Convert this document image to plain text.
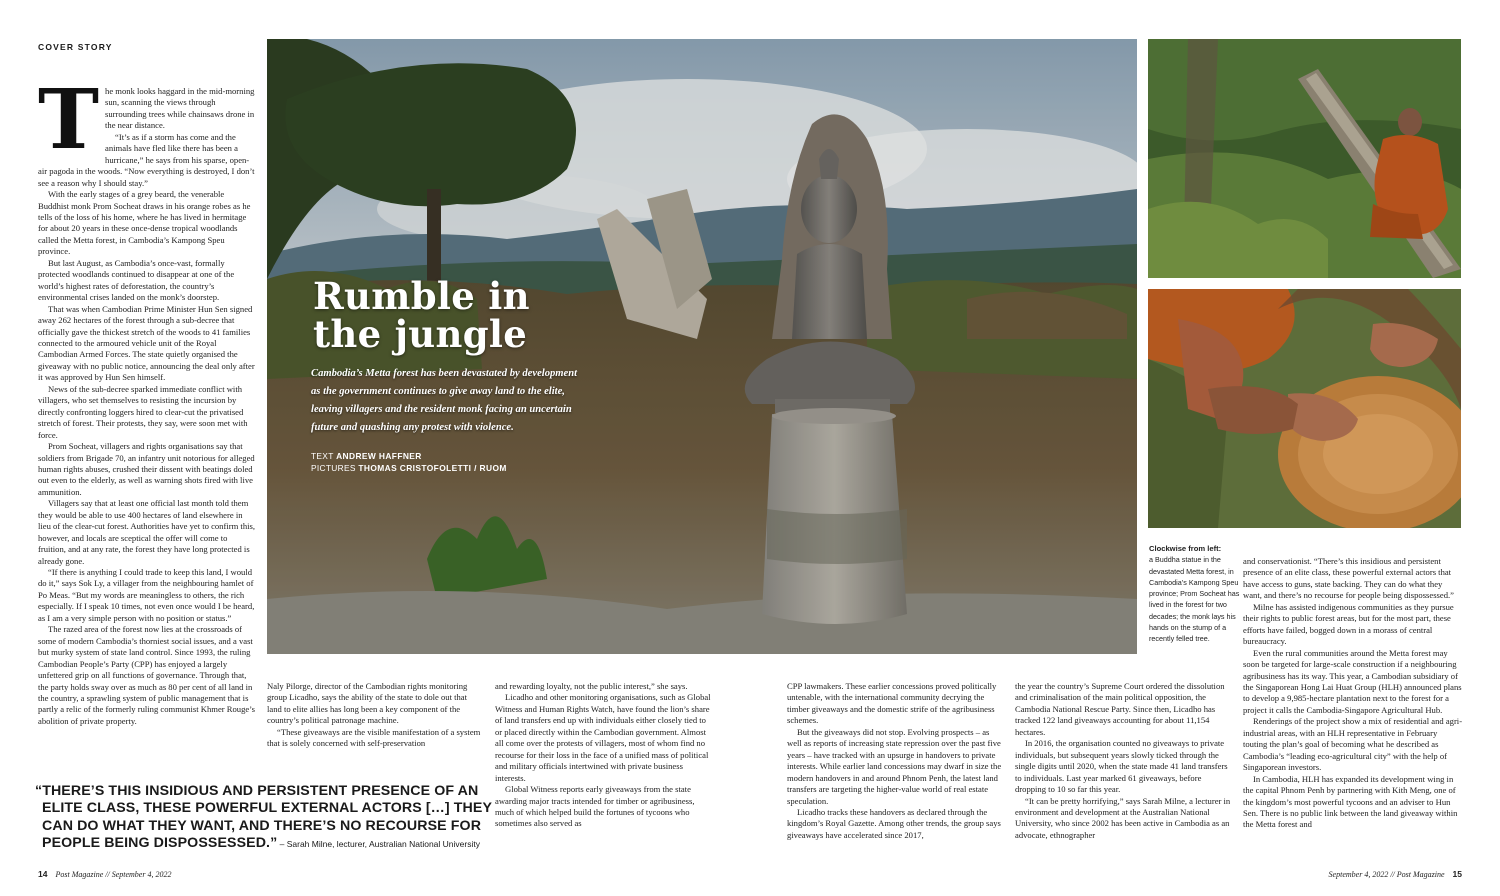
COVER STORY
T he monk looks haggard in the mid-morning sun, scanning the views through surrounding trees while chainsaws drone in the near distance.

“It’s as if a storm has come and the animals have fled like there has been a hurricane,” he says from his sparse, open-air pagoda in the woods. “Now everything is destroyed, I don’t see a reason why I should stay.”

With the early stages of a grey beard, the venerable Buddhist monk Prom Socheat draws in his orange robes as he tells of the loss of his home, where he has lived in hermitage for about 20 years in these once-dense tropical woodlands called the Metta forest, in Cambodia’s Kampong Speu province.

But last August, as Cambodia’s once-vast, formally protected woodlands continued to disappear at one of the world’s highest rates of deforestation, the country’s environmental crises landed on the monk’s doorstep.

That was when Cambodian Prime Minister Hun Sen signed away 262 hectares of the forest through a sub-decree that officially gave the thickest stretch of the woods to 41 families connected to the armoured vehicle unit of the Royal Cambodian Armed Forces. The state quietly organised the giveaway with no public notice, announcing the deal only after it was approved by Hun Sen himself.

News of the sub-decree sparked immediate conflict with villagers, who set themselves to resisting the incursion by directly confronting loggers hired to clear-cut the privatised stretch of forest. Their protests, they say, were soon met with force.

Prom Socheat, villagers and rights organisations say that soldiers from Brigade 70, an infantry unit notorious for alleged human rights abuses, crushed their dissent with beatings doled out even to the elderly, as well as warning shots fired with live ammunition.

Villagers say that at least one official last month told them they would be able to use 400 hectares of land elsewhere in lieu of the clear-cut forest. Authorities have yet to confirm this, however, and locals are sceptical the offer will come to fruition, and at any rate, the forest they have long protected is already gone.

“If there is anything I could trade to keep this land, I would do it,” says Sok Ly, a villager from the neighbouring hamlet of Po Meas. “But my words are meaningless to others, the rich especially. If I speak 10 times, not even once would I be heard, as I am a very simple person with no position or status.”

The razed area of the forest now lies at the crossroads of some of modern Cambodia’s thorniest social issues, and a vast but murky system of state land control. Since 1993, the ruling Cambodian People’s Party (CPP) has enjoyed a largely unfettered grip on all functions of governance. Through that, the party holds sway over as much as 80 per cent of all land in the country, a sprawling system of public management that is partly a relic of the formerly ruling communist Khmer Rouge’s abolition of private property.

Rumble in
the jungle
Cambodia’s Metta forest has been devastated by development as the government continues to give away land to the elite, leaving villagers and the resident monk facing an uncertain future and quashing any protest with violence.
TEXT ANDREW HAFFNER
PICTURES THOMAS CRISTOFOLETTI / RUOM
Clockwise from left:
a Buddha statue in the devastated Metta forest, in Cambodia’s Kampong Speu province; Prom Socheat has lived in the forest for two decades; the monk lays his hands on the stump of a recently felled tree.

and conservationist. “There’s this insidious and persistent presence of an elite class, these powerful external actors that have access to guns, state backing. They can do what they want, and there’s no recourse for people being dispossessed.”

Milne has assisted indigenous communities as they pursue their rights to public forest areas, but for the most part, these efforts have failed, bogged down in a morass of central bureaucracy.

Even the rural communities around the Metta forest may soon be targeted for large-scale construction if a neighbouring agribusiness has its way. This year, a Cambodian subsidiary of the Singaporean Hong Lai Huat Group (HLH) announced plans to develop a 9,985-hectare plantation next to the forest for a project it calls the Cambodia-Singapore Agricultural Hub.

Renderings of the project show a mix of residential and agri-industrial areas, with an HLH representative in February touting the plan’s goal of becoming what he described as Cambodia’s “leading eco-agricultural city” with the help of Singaporean investors.

In Cambodia, HLH has expanded its development wing in the capital Phnom Penh by partnering with Kith Meng, one of the kingdom’s most powerful tycoons and an adviser to Hun Sen. There is no public link between the land giveaway within the Metta forest and

Naly Pilorge, director of the Cambodian rights monitoring group Licadho, says the ability of the state to dole out that land to elite allies has long been a key component of the country’s political patronage machine.

“These giveaways are the visible manifestation of a system that is solely concerned with self-preservation

and rewarding loyalty, not the public interest,” she says.

Licadho and other monitoring organisations, such as Global Witness and Human Rights Watch, have found the lion’s share of land transfers end up with individuals either closely tied to or placed directly within the Cambodian government. Almost all come over the protests of villagers, most of whom find no recourse for their loss in the face of a unified mass of political and military officials intertwined with private business interests.

Global Witness reports early giveaways from the state awarding major tracts intended for timber or agribusiness, much of which helped build the fortunes of tycoons who sometimes also served as

CPP lawmakers. These earlier concessions proved politically untenable, with the international community decrying the timber giveaways and the domestic strife of the agribusiness schemes.

But the giveaways did not stop. Evolving prospects – as well as reports of increasing state repression over the past five years – have tracked with an upsurge in handovers to private interests. While earlier land concessions may dwarf in size the modern handovers in and around Phnom Penh, the latest land transfers are targeting the higher-value world of real estate speculation.

Licadho tracks these handovers as declared through the kingdom’s Royal Gazette. Among other trends, the group says giveaways have accelerated since 2017,

the year the country’s Supreme Court ordered the dissolution and criminalisation of the main political opposition, the Cambodia National Rescue Party. Since then, Licadho has tracked 122 land giveaways accounting for about 11,154 hectares.

In 2016, the organisation counted no giveaways to private individuals, but subsequent years slowly ticked through the single digits until 2020, when the state made 41 land transfers to individuals. Last year marked 61 giveaways, before dropping to 10 so far this year.

“It can be pretty horrifying,” says Sarah Milne, a lecturer in environment and development at the Australian National University, who since 2002 has been active in Cambodia as an advocate, ethnographer

“THERE’S THIS INSIDIOUS AND PERSISTENT PRESENCE OF AN
ELITE CLASS, THESE POWERFUL EXTERNAL ACTORS […] THEY
CAN DO WHAT THEY WANT, AND THERE’S NO RECOURSE FOR
PEOPLE BEING DISPOSSESSED.” – Sarah Milne, lecturer, Australian National University
14 Post Magazine // September 4, 2022	September 4, 2022 // Post Magazine 15
